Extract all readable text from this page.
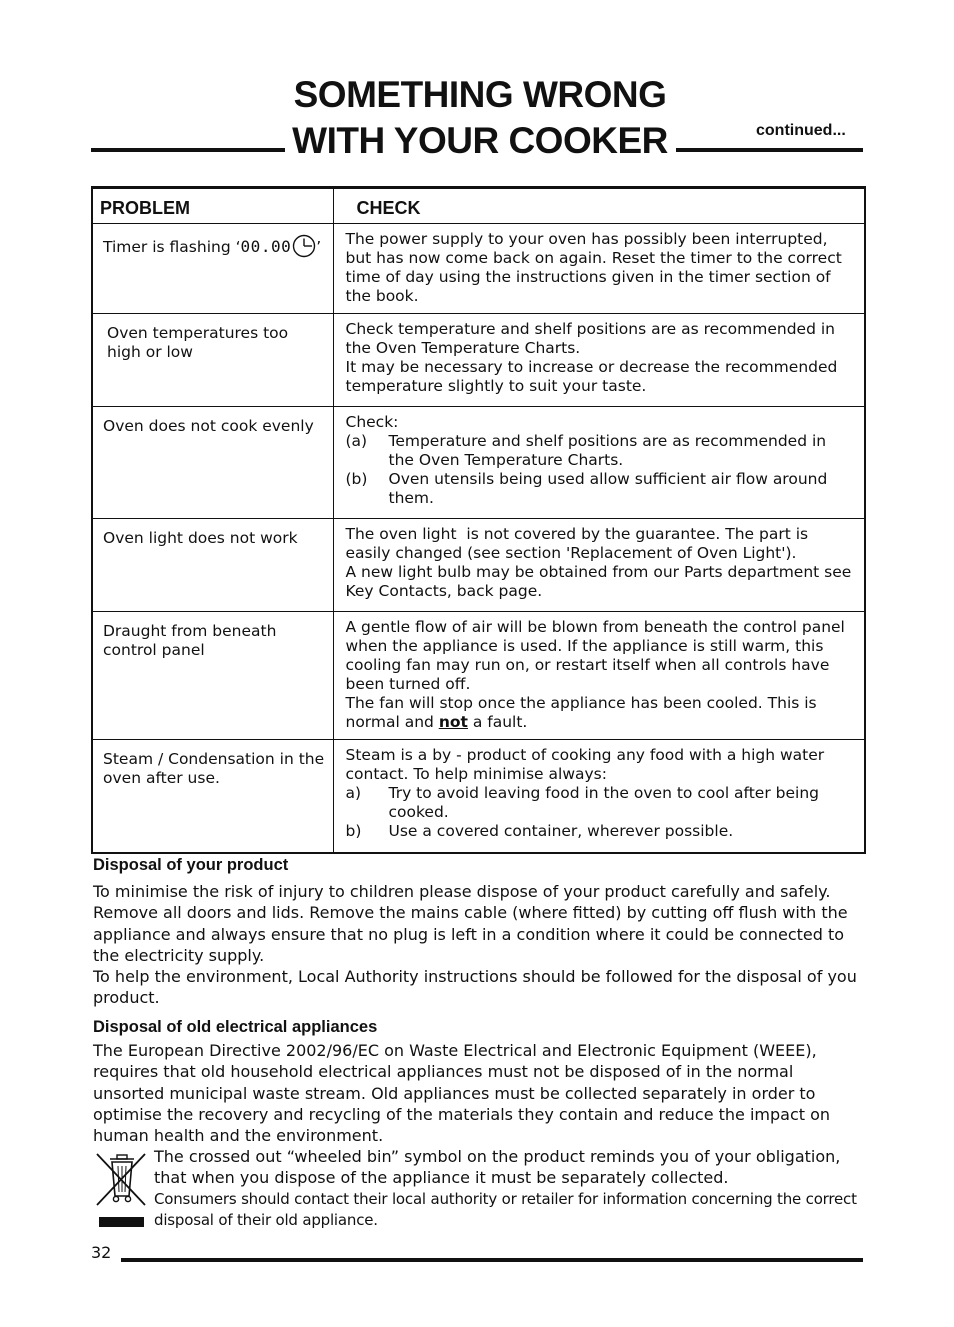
SOMETHING WRONG
WITH YOUR COOKER	continued...
PROBLEM	CHECK
Timer is flashing ‘00.00 ’	The power supply to your oven has possibly been interrupted, but has now come back on again. Reset the timer to the correct time of day using the instructions given in the timer section of the book.

Oven temperatures too high or low	Check temperature and shelf positions are as recommended in the Oven Temperature Charts.
It may be necessary to increase or decrease the recommended temperature slightly to suit your taste.

Oven does not cook evenly	Check:
(a) Temperature and shelf positions are as recommended in the Oven Temperature Charts.
(b) Oven utensils being used allow sufficient air flow around them.

Oven light does not work	The oven light  is not covered by the guarantee. The part is easily changed (see section 'Replacement of Oven Light').
A new light bulb may be obtained from our Parts department see Key Contacts, back page.

Draught from beneath control panel	A gentle flow of air will be blown from beneath the control panel when the appliance is used. If the appliance is still warm, this cooling fan may run on, or restart itself when all controls have been turned off.
The fan will stop once the appliance has been cooled. This is normal and not a fault.

Steam / Condensation in the oven after use.	Steam is a by - product of cooking any food with a high water contact. To help minimise always:
a) Try to avoid leaving food in the oven to cool after being cooked.
b) Use a covered container, wherever possible.
Disposal of your product
To minimise the risk of injury to children please dispose of your product carefully and safely. Remove all doors and lids. Remove the mains cable (where fitted) by cutting off flush with the appliance and always ensure that no plug is left in a condition where it could be connected to the electricity supply.
To help the environment, Local Authority instructions should be followed for the disposal of you product.
Disposal of old electrical appliances
The European Directive 2002/96/EC on Waste Electrical and Electronic Equipment (WEEE), requires that old household electrical appliances must not be disposed of in the normal unsorted municipal waste stream. Old appliances must be collected separately in order to optimise the recovery and recycling of the materials they contain and reduce the impact on human health and the environment.
The crossed out “wheeled bin” symbol on the product reminds you of your obligation, that when you dispose of the appliance it must be separately collected.
Consumers should contact their local authority or retailer for information concerning the correct disposal of their old appliance.
32
